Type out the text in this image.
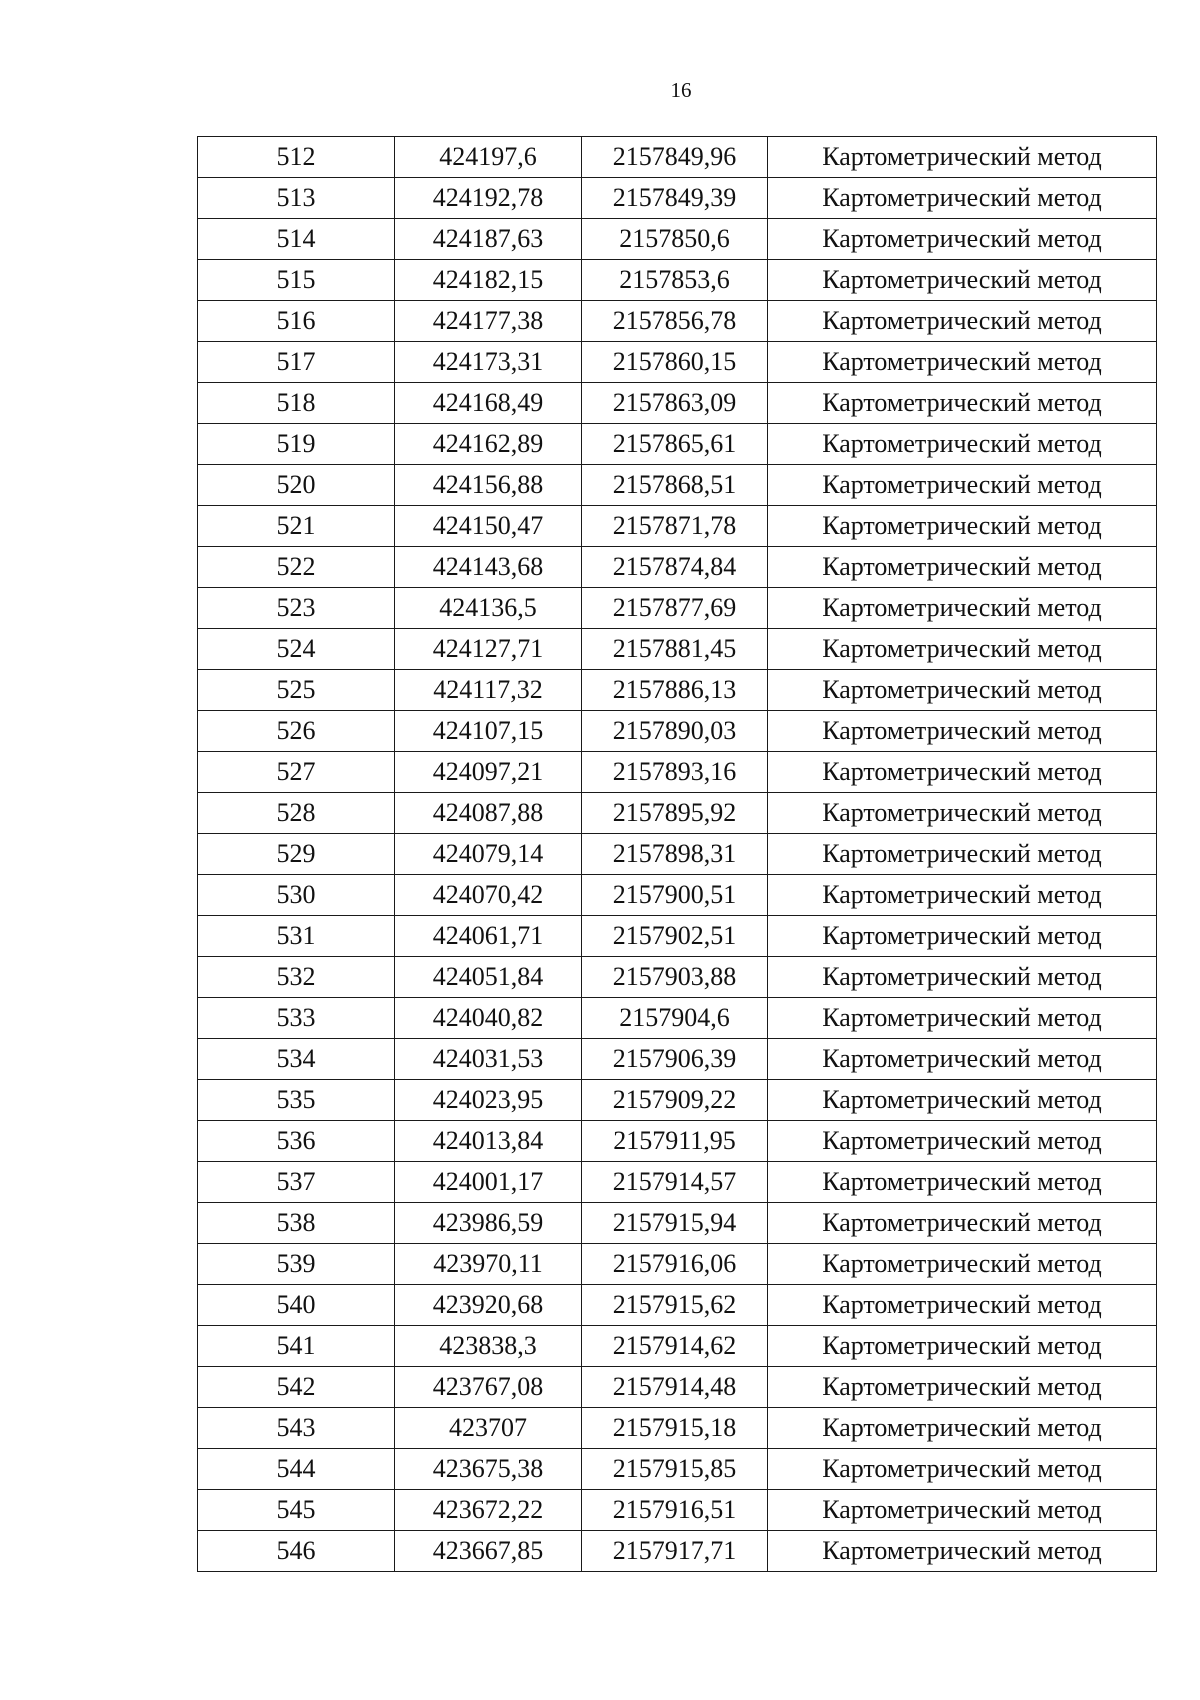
16
512	424197,6	2157849,96	Картометрический метод
513	424192,78	2157849,39	Картометрический метод
514	424187,63	2157850,6	Картометрический метод
515	424182,15	2157853,6	Картометрический метод
516	424177,38	2157856,78	Картометрический метод
517	424173,31	2157860,15	Картометрический метод
518	424168,49	2157863,09	Картометрический метод
519	424162,89	2157865,61	Картометрический метод
520	424156,88	2157868,51	Картометрический метод
521	424150,47	2157871,78	Картометрический метод
522	424143,68	2157874,84	Картометрический метод
523	424136,5	2157877,69	Картометрический метод
524	424127,71	2157881,45	Картометрический метод
525	424117,32	2157886,13	Картометрический метод
526	424107,15	2157890,03	Картометрический метод
527	424097,21	2157893,16	Картометрический метод
528	424087,88	2157895,92	Картометрический метод
529	424079,14	2157898,31	Картометрический метод
530	424070,42	2157900,51	Картометрический метод
531	424061,71	2157902,51	Картометрический метод
532	424051,84	2157903,88	Картометрический метод
533	424040,82	2157904,6	Картометрический метод
534	424031,53	2157906,39	Картометрический метод
535	424023,95	2157909,22	Картометрический метод
536	424013,84	2157911,95	Картометрический метод
537	424001,17	2157914,57	Картометрический метод
538	423986,59	2157915,94	Картометрический метод
539	423970,11	2157916,06	Картометрический метод
540	423920,68	2157915,62	Картометрический метод
541	423838,3	2157914,62	Картометрический метод
542	423767,08	2157914,48	Картометрический метод
543	423707	2157915,18	Картометрический метод
544	423675,38	2157915,85	Картометрический метод
545	423672,22	2157916,51	Картометрический метод
546	423667,85	2157917,71	Картометрический метод
